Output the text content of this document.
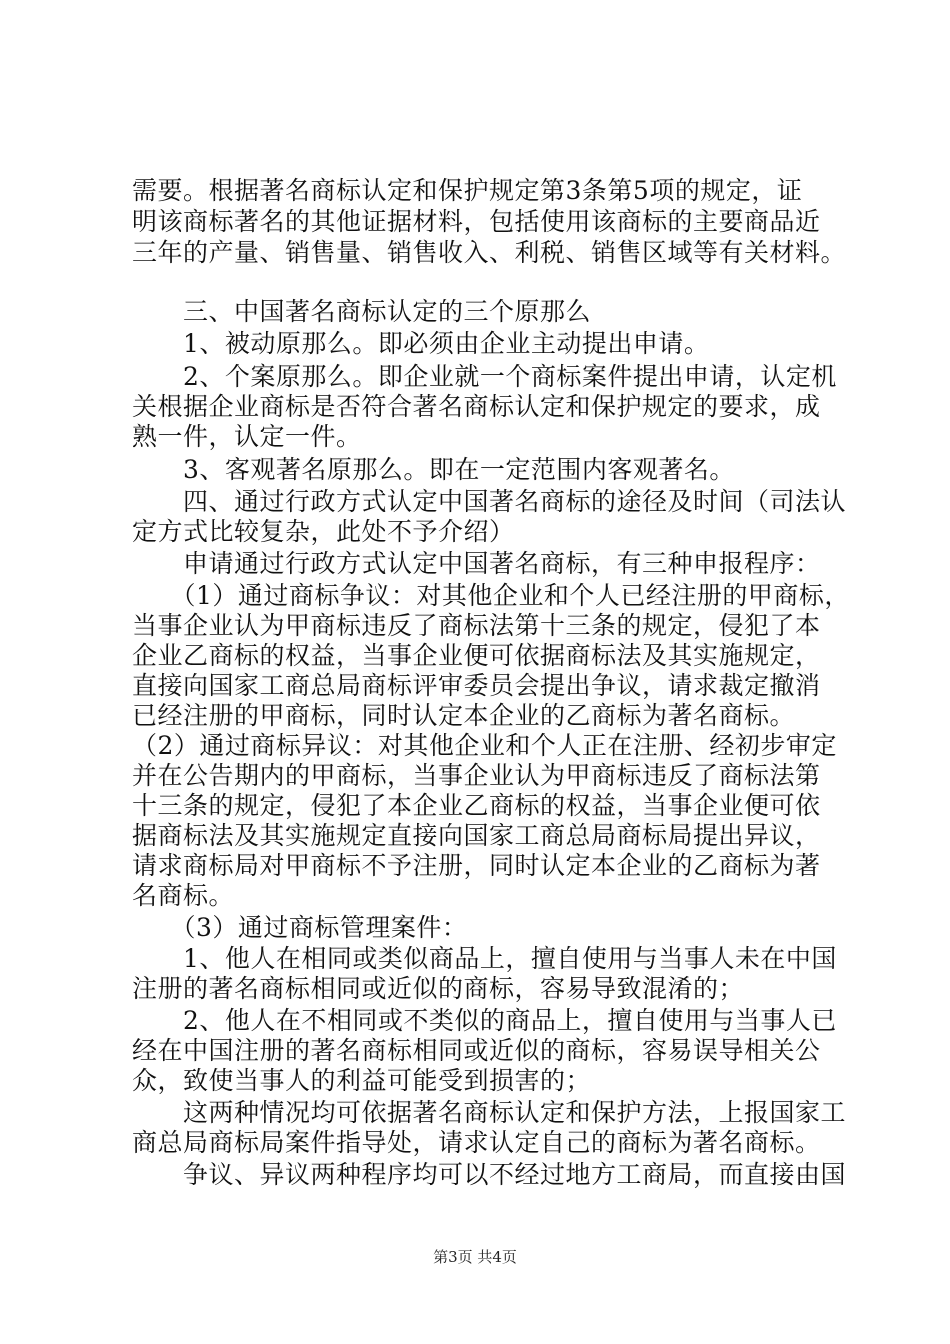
需要。根据著名商标认定和保护规定第3条第5项的规定，证
明该商标著名的其他证据材料，包括使用该商标的主要商品近
三年的产量、销售量、销售收入、利税、销售区域等有关材料。
　　三、中国著名商标认定的三个原那么
　　1、被动原那么。即必须由企业主动提出申请。
　　2、个案原那么。即企业就一个商标案件提出申请，认定机
关根据企业商标是否符合著名商标认定和保护规定的要求，成
熟一件，认定一件。
　　3、客观著名原那么。即在一定范围内客观著名。
　　四、通过行政方式认定中国著名商标的途径及时间（司法认
定方式比较复杂，此处不予介绍）
　　申请通过行政方式认定中国著名商标，有三种申报程序：
　　（1）通过商标争议：对其他企业和个人已经注册的甲商标，
当事企业认为甲商标违反了商标法第十三条的规定，侵犯了本
企业乙商标的权益，当事企业便可依据商标法及其实施规定，
直接向国家工商总局商标评审委员会提出争议，请求裁定撤消
已经注册的甲商标，同时认定本企业的乙商标为著名商标。
（2）通过商标异议：对其他企业和个人正在注册、经初步审定
并在公告期内的甲商标，当事企业认为甲商标违反了商标法第
十三条的规定，侵犯了本企业乙商标的权益，当事企业便可依
据商标法及其实施规定直接向国家工商总局商标局提出异议，
请求商标局对甲商标不予注册，同时认定本企业的乙商标为著
名商标。
　　（3）通过商标管理案件：
　　1、他人在相同或类似商品上，擅自使用与当事人未在中国
注册的著名商标相同或近似的商标，容易导致混淆的；
　　2、他人在不相同或不类似的商品上，擅自使用与当事人已
经在中国注册的著名商标相同或近似的商标，容易误导相关公
众，致使当事人的利益可能受到损害的；
　　这两种情况均可依据著名商标认定和保护方法，上报国家工
商总局商标局案件指导处，请求认定自己的商标为著名商标。
　　争议、异议两种程序均可以不经过地方工商局，而直接由国
第3页 共4页
